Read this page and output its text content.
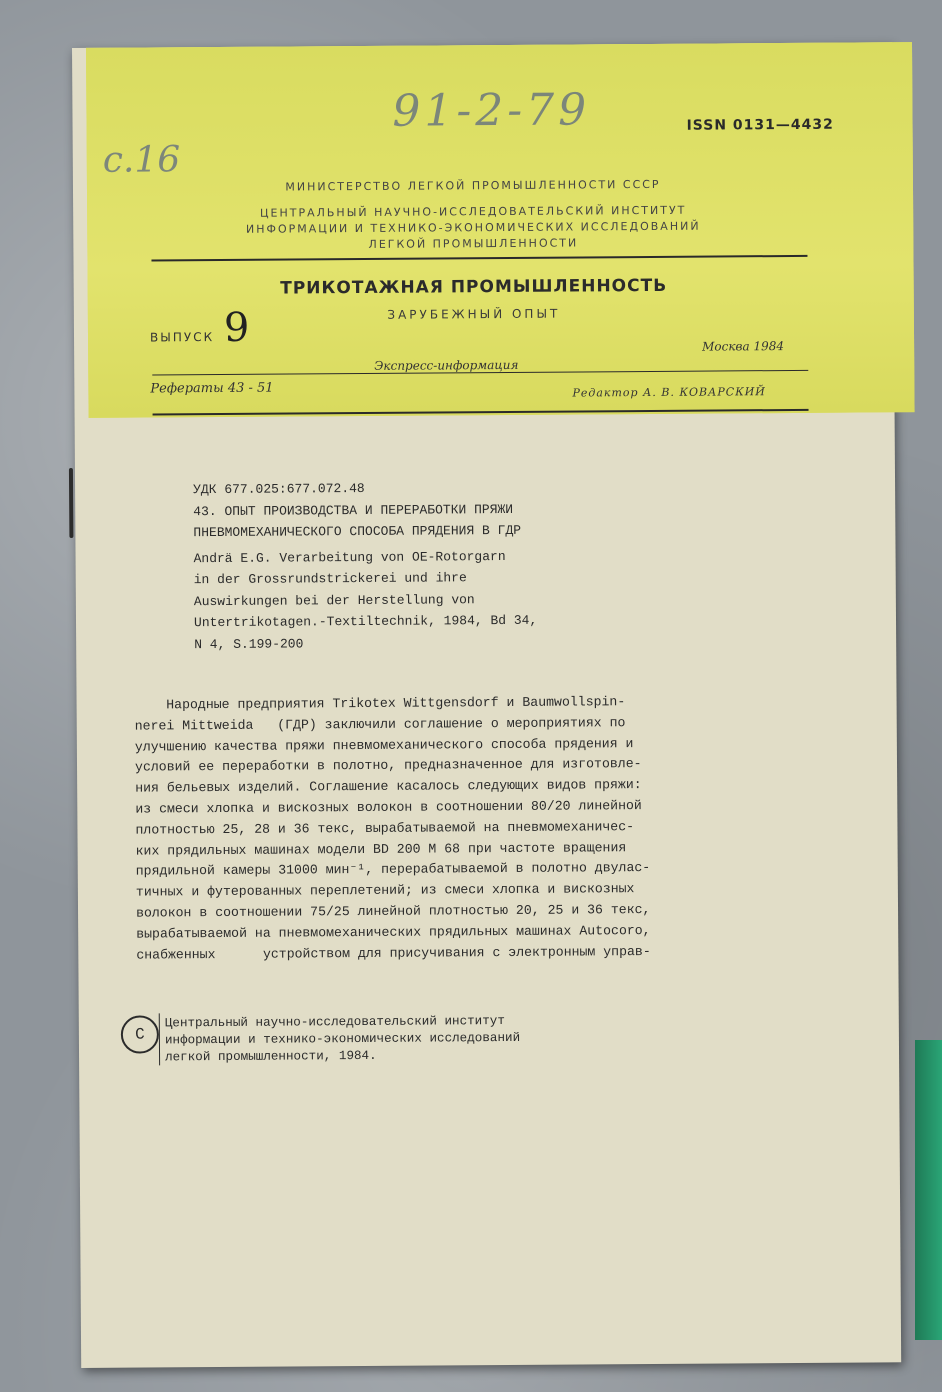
91-2-79
с.16
ISSN 0131—4432
МИНИСТЕРСТВО ЛЕГКОЙ ПРОМЫШЛЕННОСТИ СССР
ЦЕНТРАЛЬНЫЙ НАУЧНО-ИССЛЕДОВАТЕЛЬСКИЙ ИНСТИТУТ
ИНФОРМАЦИИ И ТЕХНИКО-ЭКОНОМИЧЕСКИХ ИССЛЕДОВАНИЙ
ЛЕГКОЙ ПРОМЫШЛЕННОСТИ
ТРИКОТАЖНАЯ ПРОМЫШЛЕННОСТЬ
ЗАРУБЕЖНЫЙ ОПЫТ
ВЫПУСК 9	Москва 1984
Экспресс-информация
Рефераты 43 - 51	Редактор А. В. КОВАРСКИЙ
УДК 677.025:677.072.48
43. ОПЫТ ПРОИЗВОДСТВА И ПЕРЕРАБОТКИ ПРЯЖИ
ПНЕВМОМЕХАНИЧЕСКОГО СПОСОБА ПРЯДЕНИЯ В ГДР
Andrä E.G. Verarbeitung von OE-Rotorgarn
in der Grossrundstrickerei und ihre
Auswirkungen bei der Herstellung von
Untertrikotagen.-Textiltechnik, 1984, Bd 34,
N 4, S.199-200
Народные предприятия Trikotex Wittgensdorf и Baumwollspin-
nerei Mittweida   (ГДР) заключили соглашение о мероприятиях по
улучшению качества пряжи пневмомеханического способа прядения и
условий ее переработки в полотно, предназначенное для изготовле-
ния бельевых изделий. Соглашение касалось следующих видов пряжи:
из смеси хлопка и вискозных волокон в соотношении 80/20 линейной
плотностью 25, 28 и 36 текс, вырабатываемой на пневмомеханичес-
ких прядильных машинах модели BD 200 M 68 при частоте вращения
прядильной камеры 31000 мин⁻¹, перерабатываемой в полотно двулас-
тичных и футерованных переплетений; из смеси хлопка и вискозных
волокон в соотношении 75/25 линейной плотностью 20, 25 и 36 текс,
вырабатываемой на пневмомеханических прядильных машинах Autocoro,
снабженных      устройством для присучивания с электронным управ-
С
Центральный научно-исследовательский институт
информации и технико-экономических исследований
легкой промышленности, 1984.
